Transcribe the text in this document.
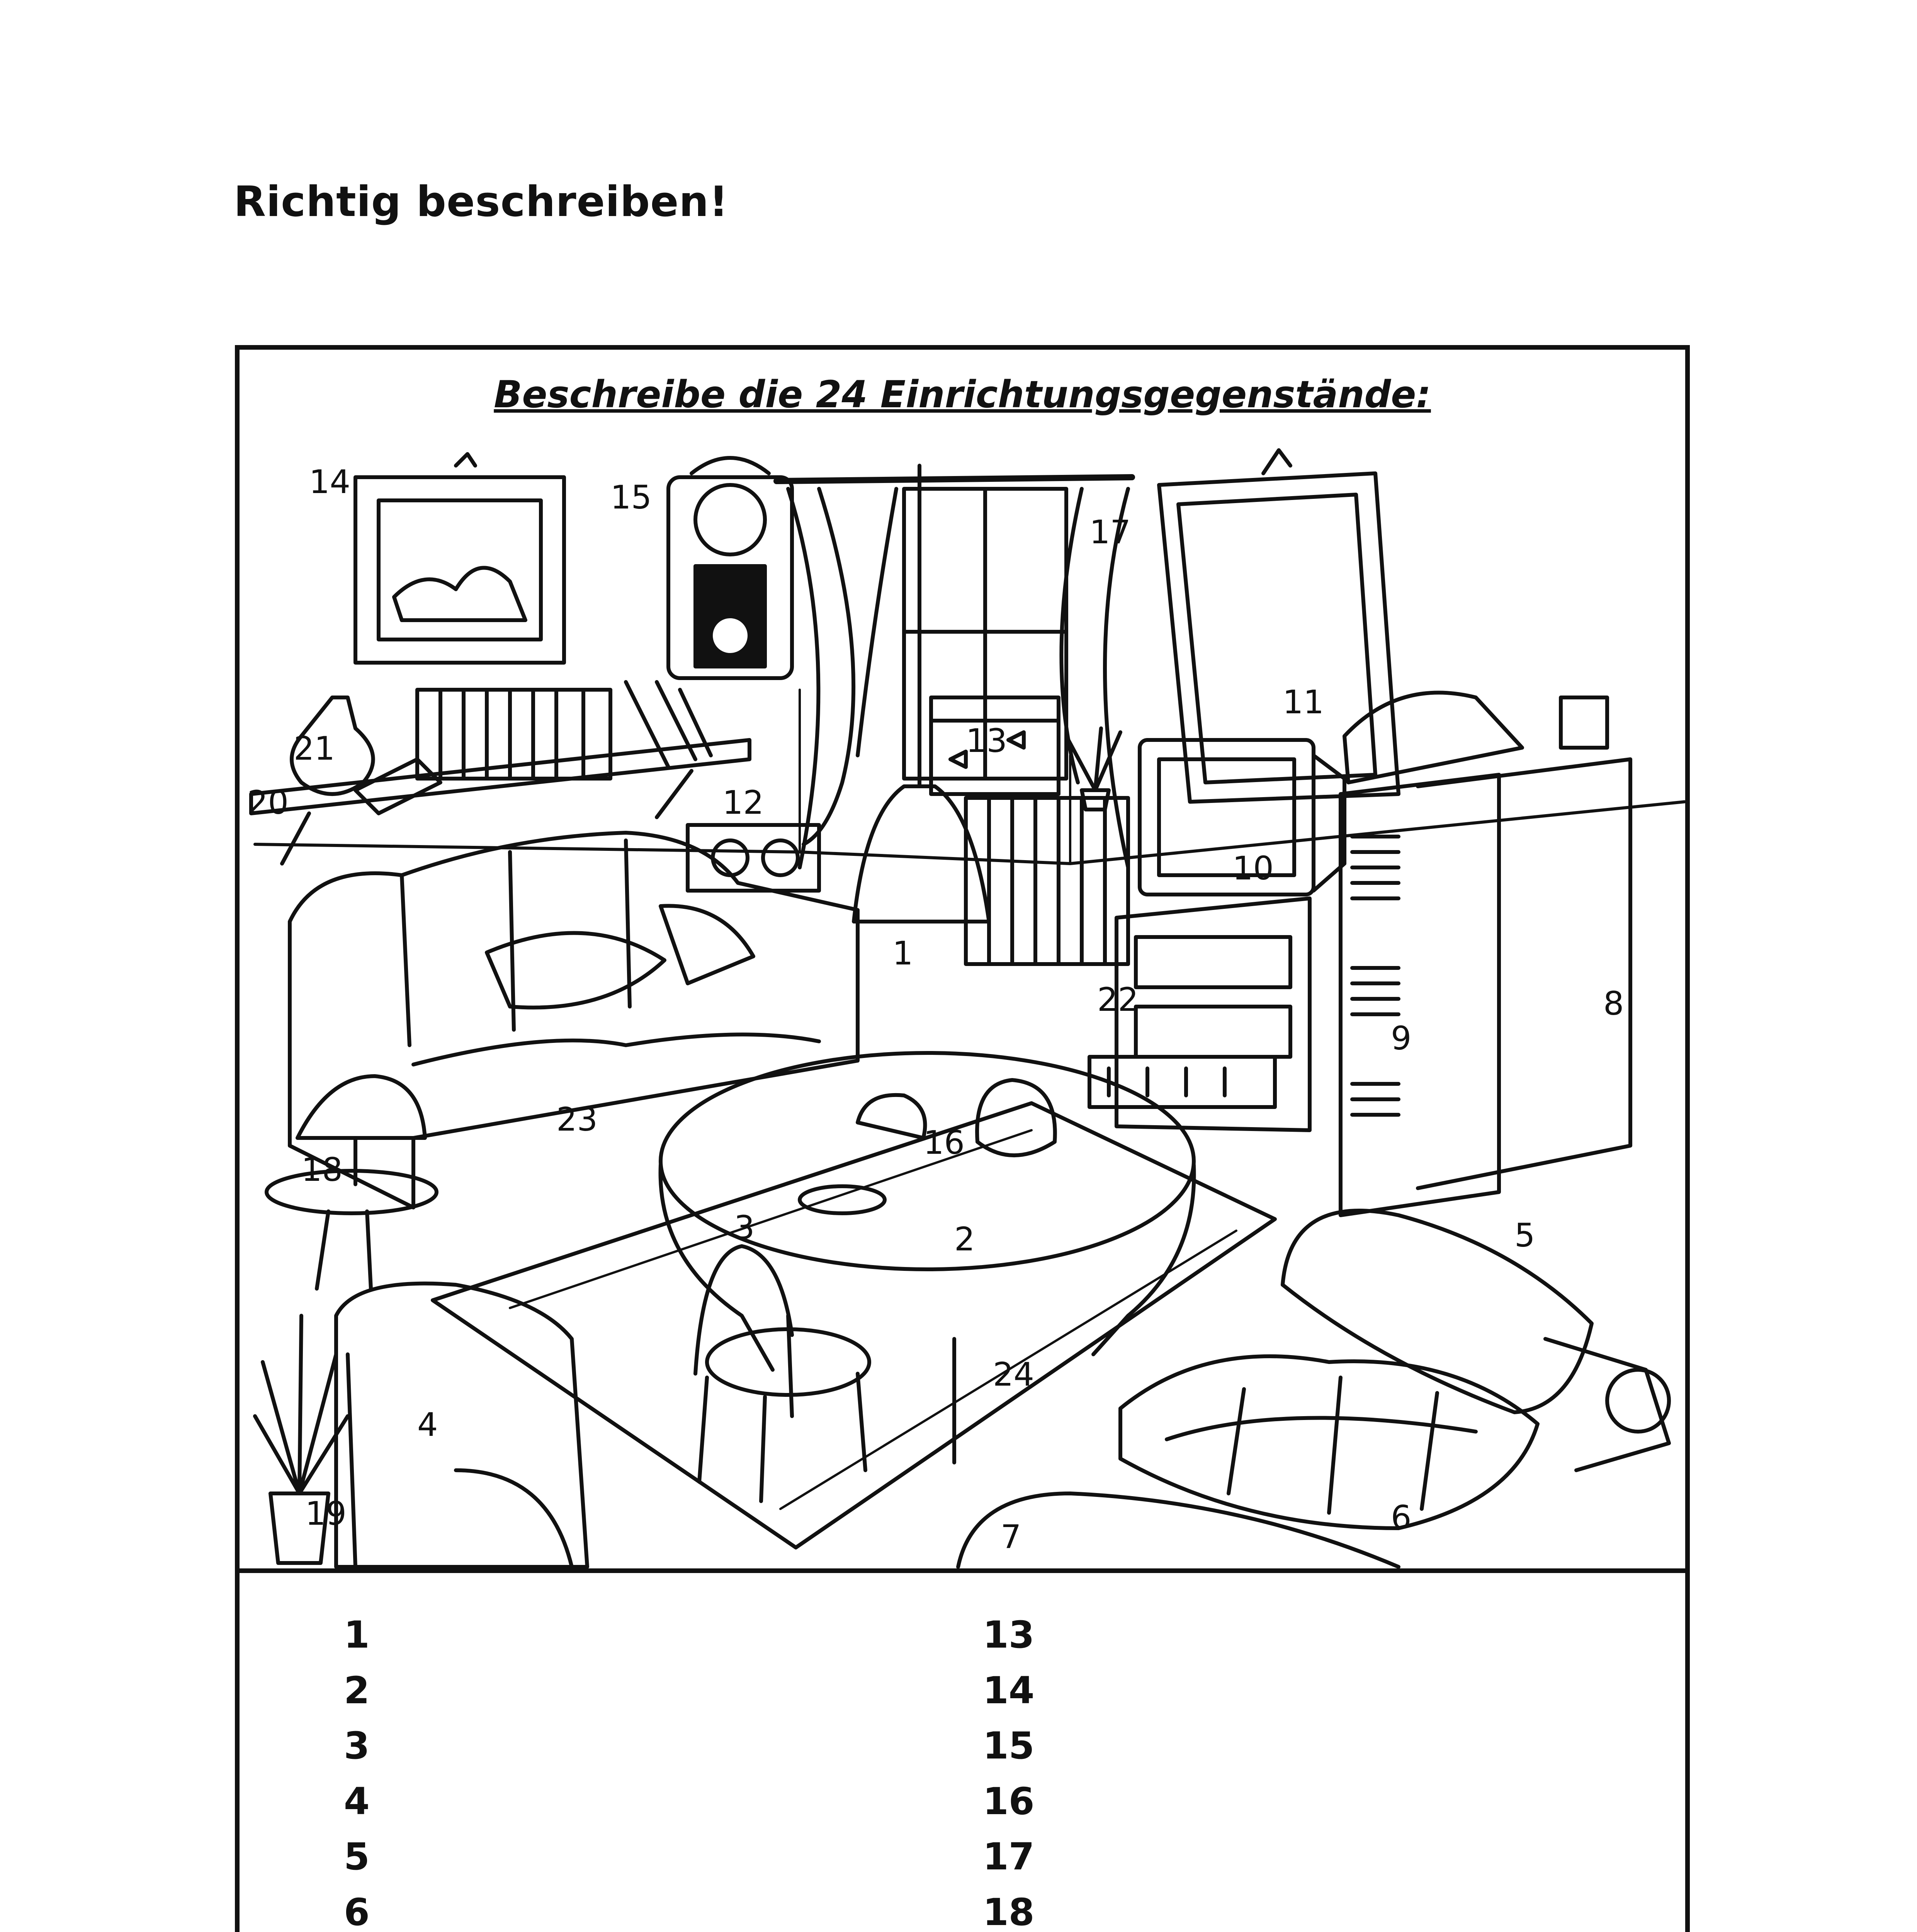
Richtig beschreiben!
Beschreibe die 24 Einrichtungsgegenstände:
1
2
3
4
5
6
7
8
9
10
11
12
13
14	15
16
17
18
19
20
21
22
23
24
1
2
3
4
5
6
13
14
15
16
17
18
